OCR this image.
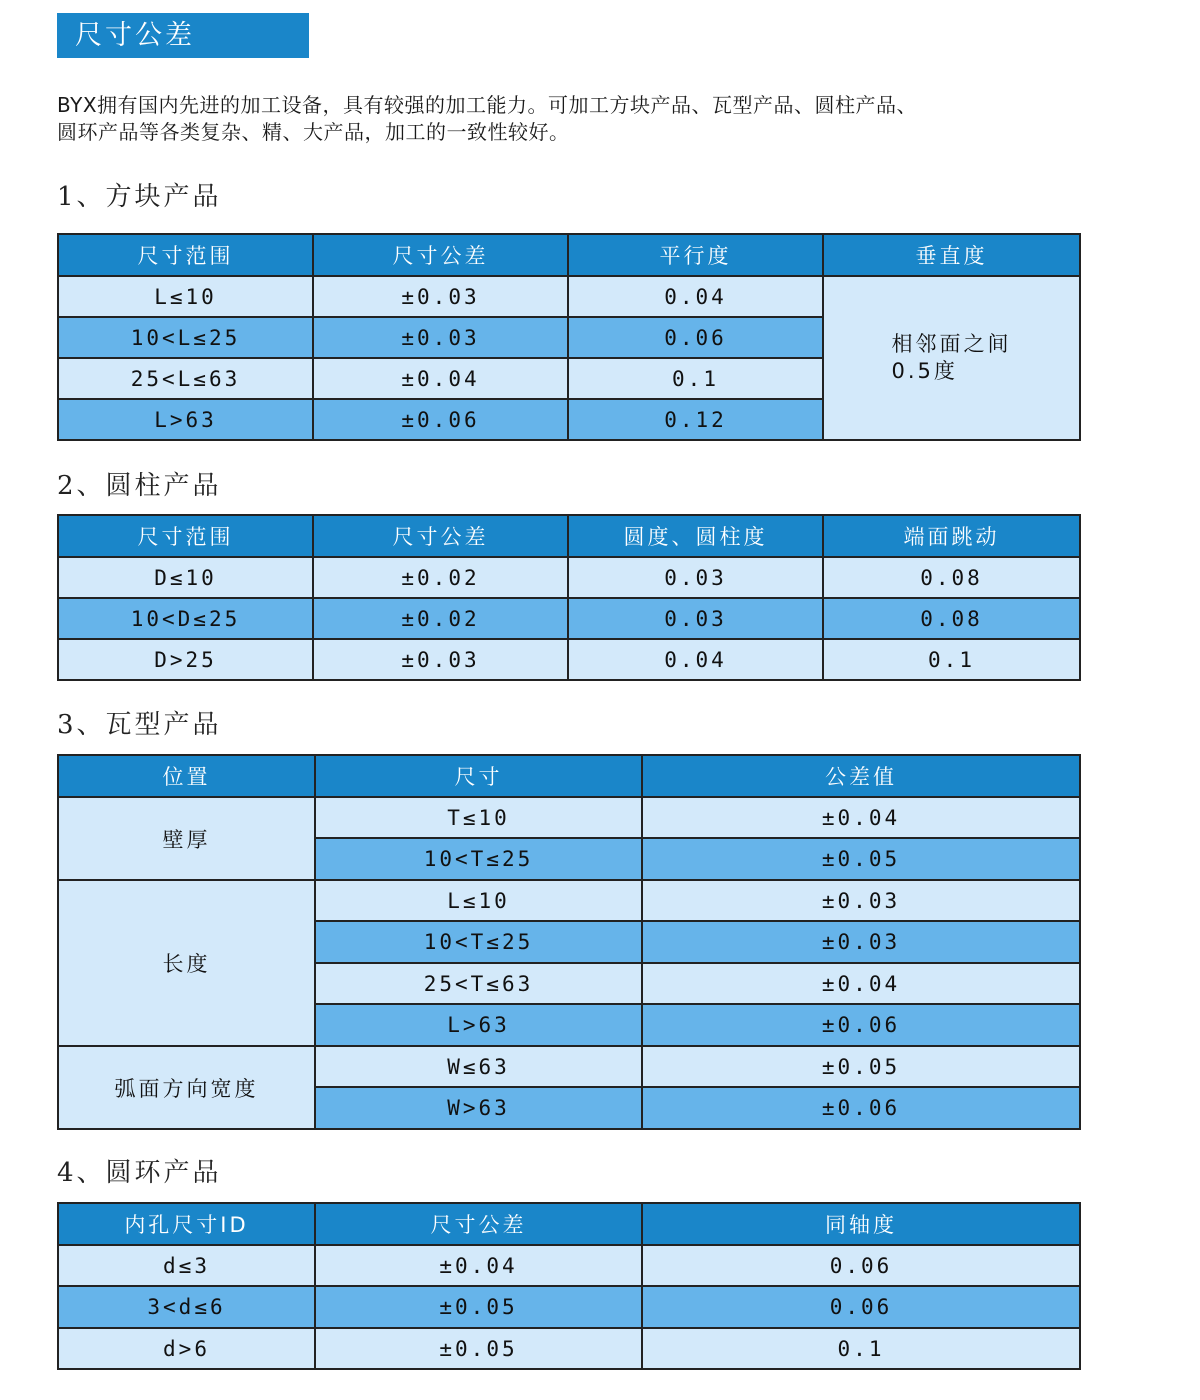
尺寸公差

BYX拥有国内先进的加工设备，具有较强的加工能力。可加工方块产品、瓦型产品、圆柱产品、

圆环产品等各类复杂、精、大产品，加工的一致性较好。

1、方块产品
尺寸范围	尺寸公差	平行度	垂直度
L≤10	±0.03	0.04	相邻面之间
0.5度
10<L≤25	±0.03	0.06	
25<L≤63	±0.04	0.1	
L>63	±0.06	0.12	
2、圆柱产品
尺寸范围	尺寸公差	圆度、圆柱度	端面跳动
D≤10	±0.02	0.03	0.08
10<D≤25	±0.02	0.03	0.08
D>25	±0.03	0.04	0.1
3、瓦型产品
位置	尺寸	公差值
壁厚	T≤10	±0.04
	10<T≤25	±0.05
长度	L≤10	±0.03
	10<T≤25	±0.03
	25<T≤63	±0.04
	L>63	±0.06
弧面方向宽度	W≤63	±0.05
	W>63	±0.06
4、圆环产品
内孔尺寸ID	尺寸公差	同轴度
d≤3	±0.04	0.06
3<d≤6	±0.05	0.06
d>6	±0.05	0.1
